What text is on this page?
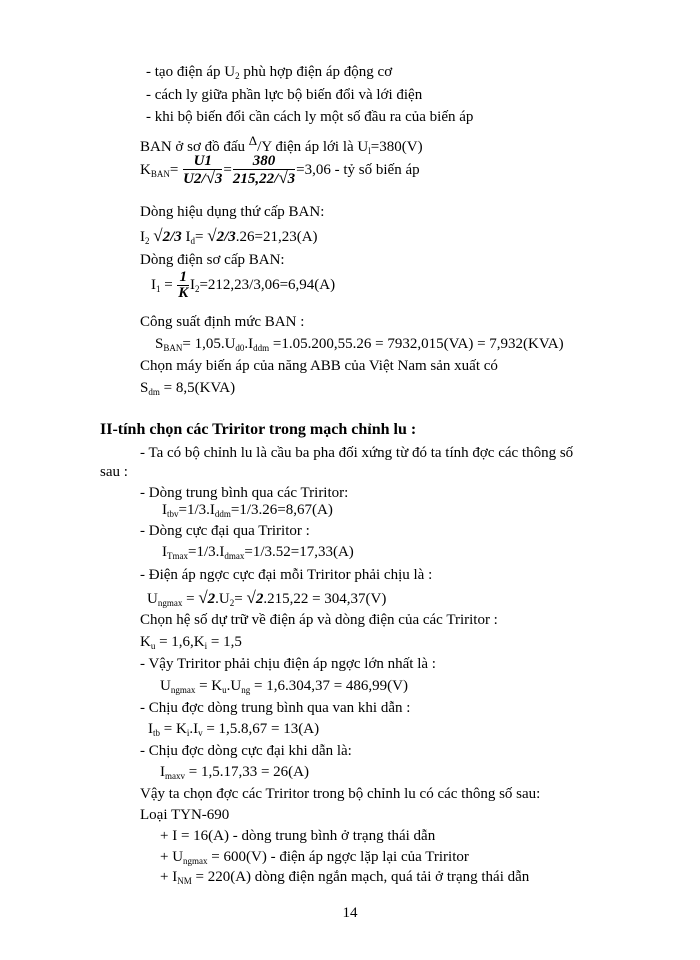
- tạo điện áp $U_2$ phù hợp điện áp động cơ
- cách ly giữa phần lực bộ biến đổi và lới điện
- khi bộ biến đổi cần cách ly một số đầu ra của biến áp
BAN ở sơ đồ đấu $^\Delta$/Y điện áp lới là $U_l=380(V)$
$K_{BAN}= \frac{U1}{U2/√3} = \frac{380}{215,22/√3} =3,06$ - tỷ số biến áp
Dòng hiệu dụng thứ cấp BAN:
$I_2$ √2/3 $I_d= √2/3.26=21,23(A)$
Dòng điện sơ cấp BAN:
$I_1 = \frac{1}{K} I_2=212,23/3,06=6,94(A)$
Công suất định mức BAN :
$S_{BAN}= 1,05.U_{d0}.I_{ddm} =1.05.200,55.26 = 7932,015(VA) = 7,932(KVA)$
Chọn máy biến áp của năng ABB của Việt Nam sản xuất có
$S_{dm} = 8,5(KVA)$
II-tính chọn các Triritor trong mạch chỉnh lu :
- Ta có bộ chỉnh lu là cầu ba pha đối xứng từ đó ta tính đợc các thông số
sau :
- Dòng trung bình qua các Triritor:
$I_{tbv}=1/3.I_{ddm}=1/3.26=8,67(A)$
- Dòng cực đại qua Triritor :
$I_{Tmax}=1/3.I_{dmax}=1/3.52=17,33(A)$
- Điện áp ngợc cực đại mỗi Triritor phải chịu là :
$U_{ngmax} = √2.U_2= √2.215,22 = 304,37(V)$
Chọn hệ số dự trữ về điện áp và dòng điện của các Triritor :
$K_u = 1,6,K_i = 1,5$
- Vậy Triritor phải chịu điện áp ngợc lớn nhất là :
$U_{ngmax} = K_u.U_{ng} = 1,6.304,37 = 486,99(V)$
- Chịu đợc dòng trung bình qua van khi dẫn :
$I_{tb} = K_i.I_v = 1,5.8,67 = 13(A)$
- Chịu đợc dòng cực đại khi dẫn là:
$I_{maxv} = 1,5.17,33 = 26(A)$
Vậy ta chọn đợc các Triritor trong bộ chỉnh lu có các thông số sau:
Loại TYN-690
+ I = 16(A) - dòng trung bình ở trạng thái dẫn
+ $U_{ngmax} = 600(V)$ - điện áp ngợc lặp lại của Triritor
+ $I_{NM} = 220(A)$ dòng điện ngắn mạch, quá tải ở trạng thái dẫn
14
